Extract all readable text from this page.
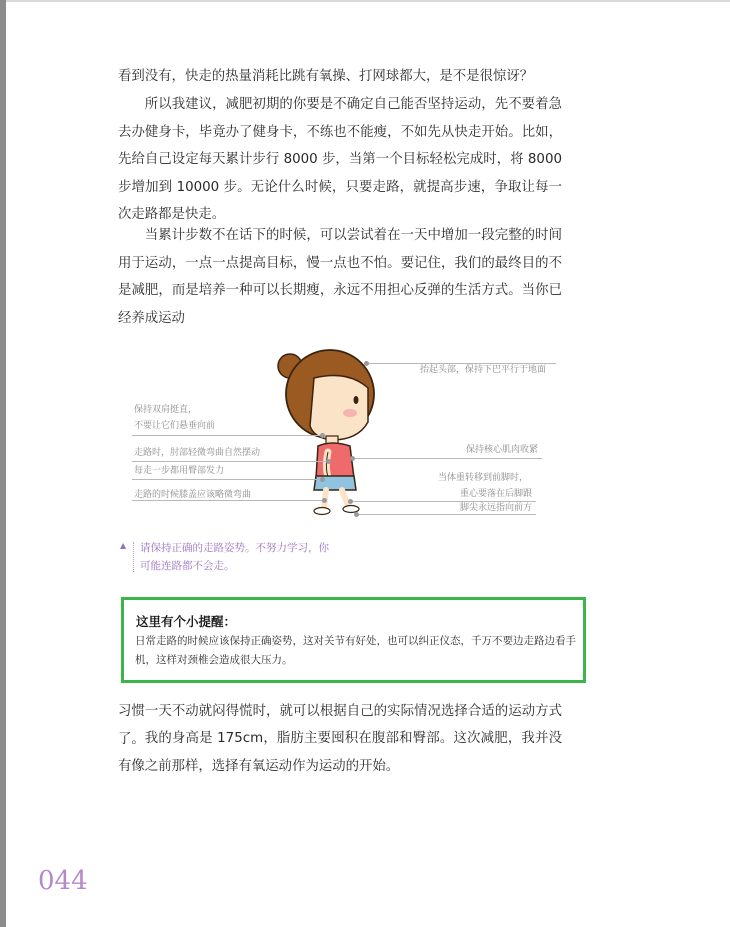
看到没有，快走的热量消耗比跳有氧操、打网球都大，是不是很惊讶？

所以我建议，减肥初期的你要是不确定自己能否坚持运动，先不要着急去办健身卡，毕竟办了健身卡，不练也不能瘦，不如先从快走开始。比如，先给自己设定每天累计步行 8000 步，当第一个目标轻松完成时，将 8000 步增加到 10000 步。无论什么时候，只要走路，就提高步速，争取让每一次走路都是快走。

当累计步数不在话下的时候，可以尝试着在一天中增加一段完整的时间用于运动，一点一点提高目标，慢一点也不怕。要记住，我们的最终目的不是减肥，而是培养一种可以长期瘦，永远不用担心反弹的生活方式。当你已经养成运动

抬起头部，保持下巴平行于地面
保持双肩挺直，
不要让它们悬垂向前
走路时，肘部轻微弯曲自然摆动	保持核心肌肉收紧
每走一步都用臀部发力
当体重转移到前脚时，
重心要落在后脚跟
走路的时候膝盖应该略微弯曲
脚尖永远指向前方
▲ 请保持正确的走路姿势。不努力学习，你可能连路都不会走。
这里有个小提醒：
日常走路的时候应该保持正确姿势，这对关节有好处，也可以纠正仪态，千万不要边走路边看手机，这样对颈椎会造成很大压力。

习惯一天不动就闷得慌时，就可以根据自己的实际情况选择合适的运动方式了。 我的身高是 175cm，脂肪主要囤积在腹部和臀部。这次减肥，我并没有像之前那样，选择有氧运动作为运动的开始。

044
